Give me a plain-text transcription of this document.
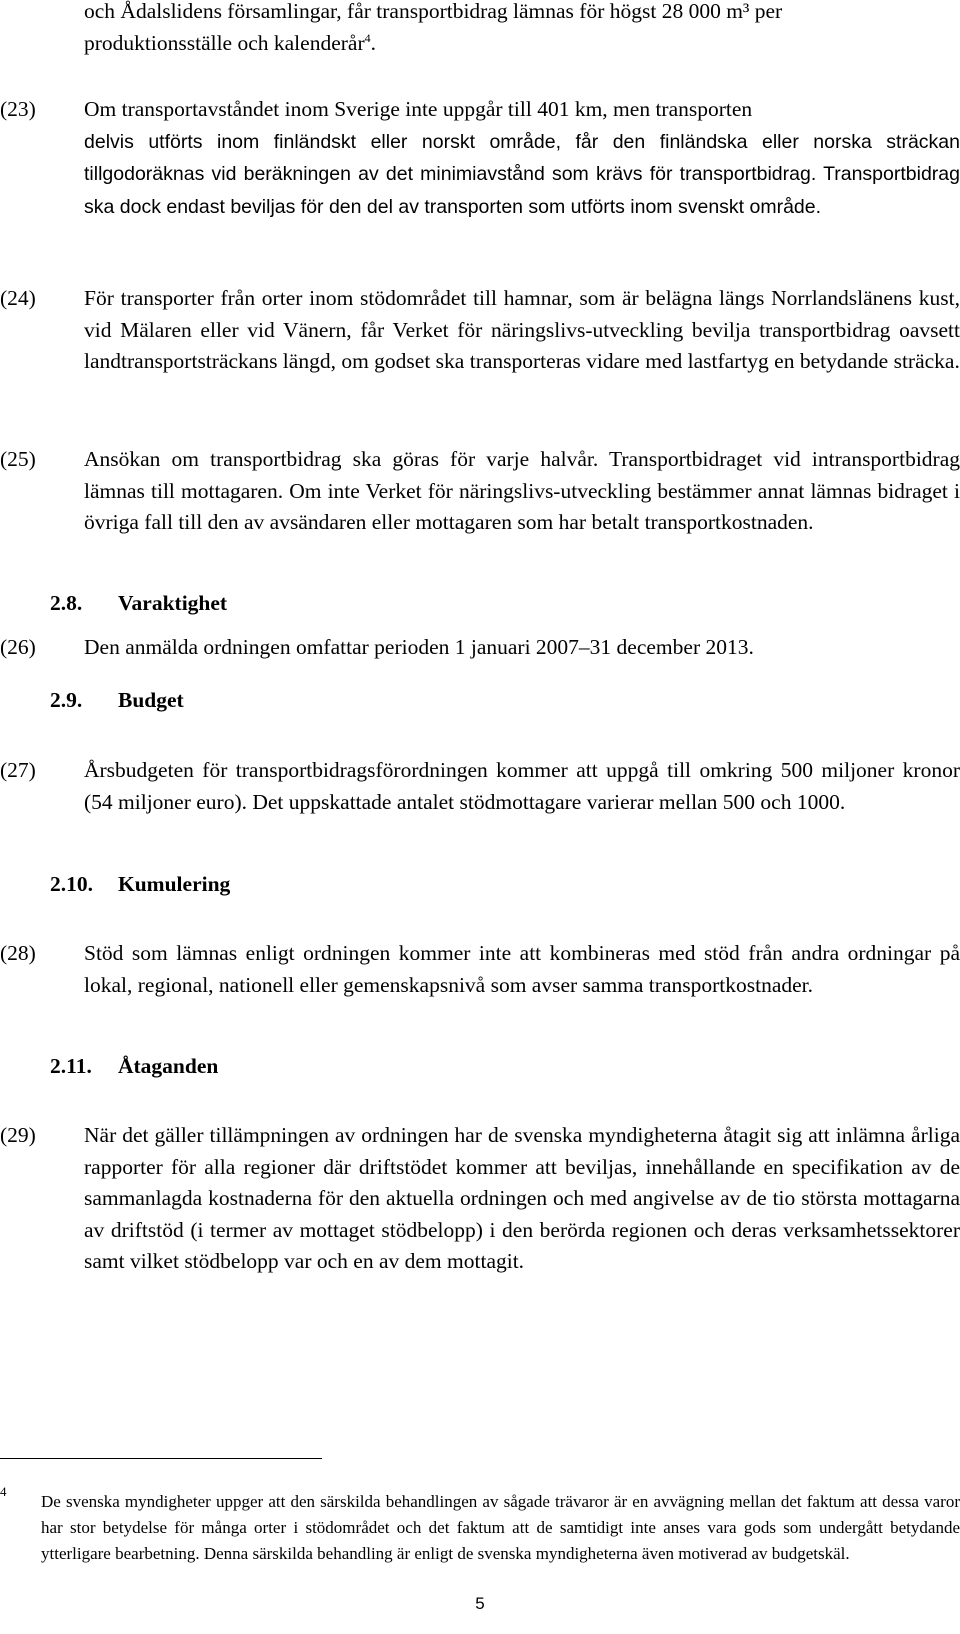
och Ådalslidens församlingar, får transportbidrag lämnas för högst 28 000 m³ per
produktionsställe och kalenderår$^4$.
(23) Om transportavståndet inom Sverige inte uppgår till 401 km, men transporten
delvis utförts inom finländskt eller norskt område, får den finländska eller norska sträckan tillgodoräknas vid beräkningen av det minimiavstånd som krävs för transportbidrag. Transportbidrag ska dock endast beviljas för den del av transporten som utförts inom svenskt område.
(24) För transporter från orter inom stödområdet till hamnar, som är belägna längs Norrlandslänens kust, vid Mälaren eller vid Vänern, får Verket för näringslivs-utveckling bevilja transportbidrag oavsett landtransportsträckans längd, om godset ska transporteras vidare med lastfartyg en betydande sträcka.
(25) Ansökan om transportbidrag ska göras för varje halvår. Transportbidraget vid intransportbidrag lämnas till mottagaren. Om inte Verket för näringslivs-utveckling bestämmer annat lämnas bidraget i övriga fall till den av avsändaren eller mottagaren som har betalt transportkostnaden.
2.8. Varaktighet
(26) Den anmälda ordningen omfattar perioden 1 januari 2007–31 december 2013.
2.9. Budget
(27) Årsbudgeten för transportbidragsförordningen kommer att uppgå till omkring 500 miljoner kronor (54 miljoner euro). Det uppskattade antalet stödmottagare varierar mellan 500 och 1000.
2.10. Kumulering
(28) Stöd som lämnas enligt ordningen kommer inte att kombineras med stöd från andra ordningar på lokal, regional, nationell eller gemenskapsnivå som avser samma transportkostnader.
2.11. Åtaganden
(29) När det gäller tillämpningen av ordningen har de svenska myndigheterna åtagit sig att inlämna årliga rapporter för alla regioner där driftstödet kommer att beviljas, innehållande en specifikation av de sammanlagda kostnaderna för den aktuella ordningen och med angivelse av de tio största mottagarna av driftstöd (i termer av mottaget stödbelopp) i den berörda regionen och deras verksamhetssektorer samt vilket stödbelopp var och en av dem mottagit.
4
De svenska myndigheter uppger att den särskilda behandlingen av sågade trävaror är en avvägning mellan det faktum att dessa varor har stor betydelse för många orter i stödområdet och det faktum att de samtidigt inte anses vara gods som undergått betydande ytterligare bearbetning. Denna särskilda behandling är enligt de svenska myndigheterna även motiverad av budgetskäl.
5
